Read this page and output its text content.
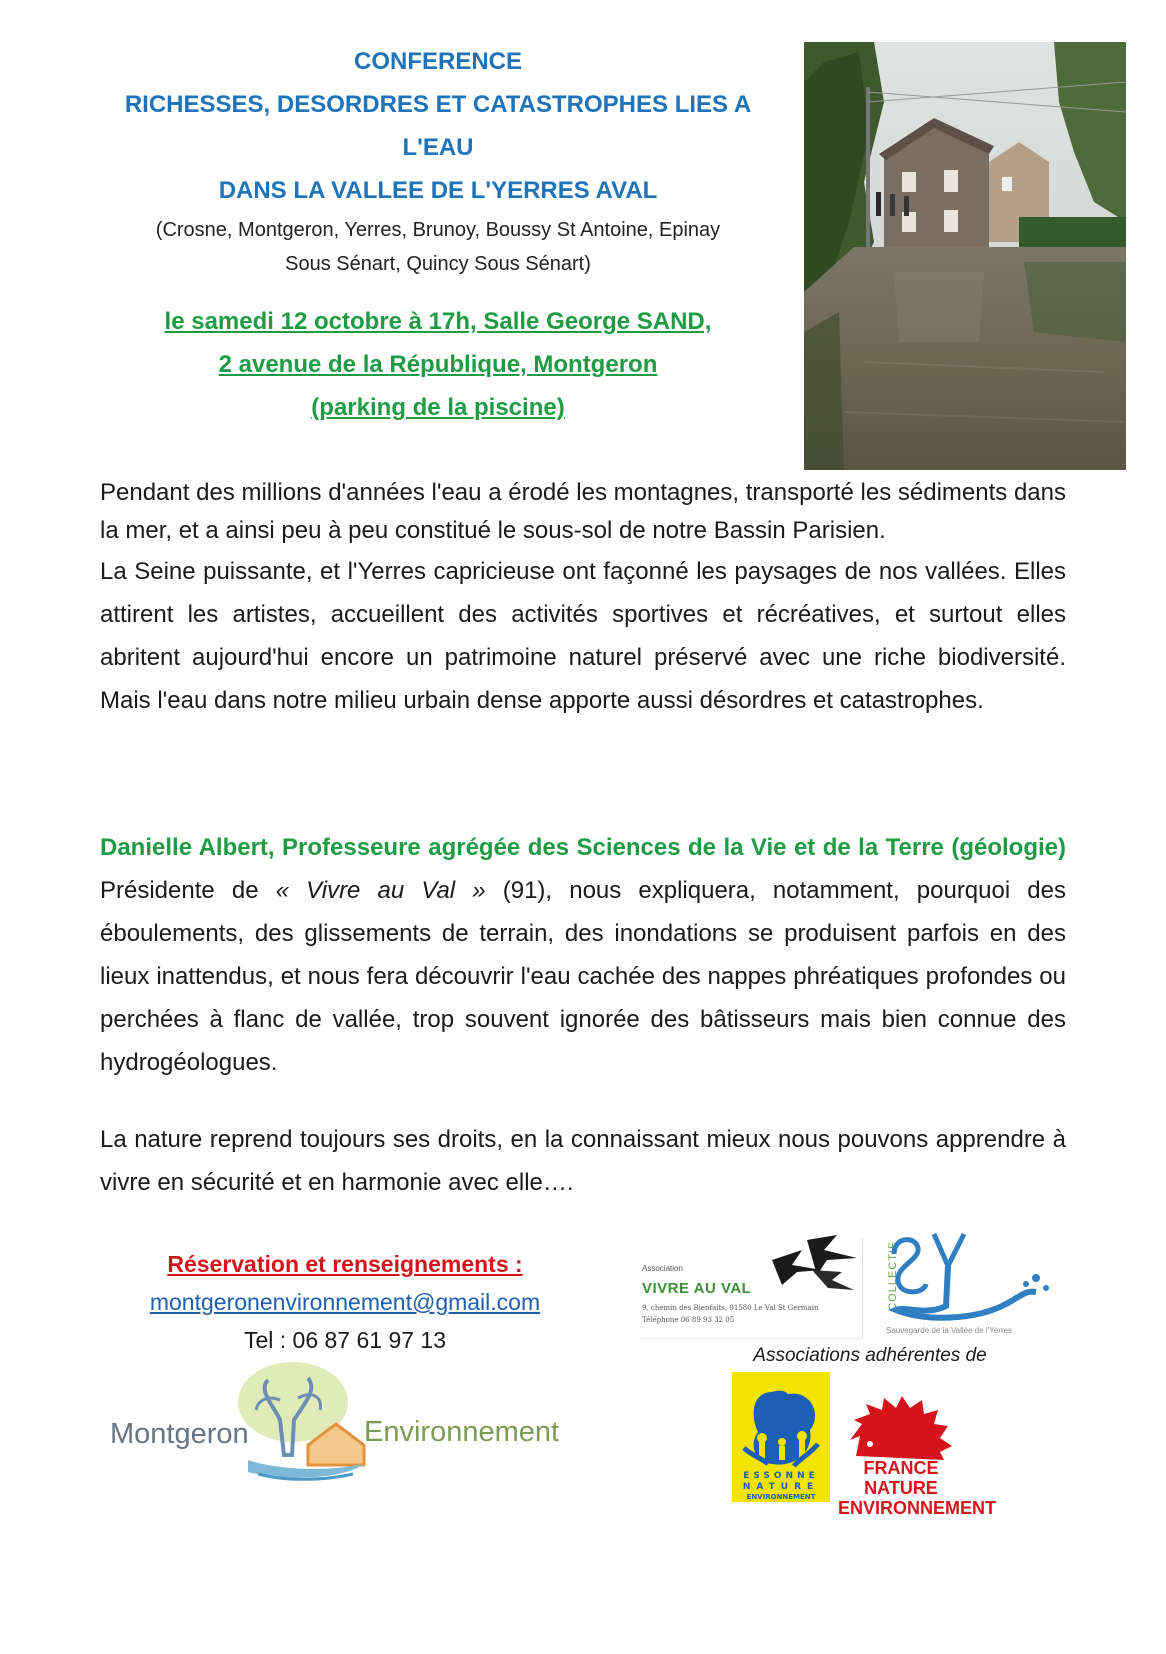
CONFERENCE
RICHESSES, DESORDRES ET CATASTROPHES LIES A
L'EAU
DANS LA VALLEE DE L'YERRES AVAL
(Crosne, Montgeron, Yerres, Brunoy, Boussy St Antoine, Epinay
Sous Sénart, Quincy Sous Sénart)
le samedi 12 octobre à 17h, Salle George SAND,
2 avenue de la République, Montgeron
(parking de la piscine)

Pendant des millions d'années l'eau a érodé les montagnes, transporté les sédiments dans la mer, et a ainsi peu à peu constitué le sous-sol de notre Bassin Parisien.

La Seine puissante, et l'Yerres capricieuse ont façonné les paysages de nos vallées. Elles attirent les artistes, accueillent des activités sportives et récréatives, et surtout elles abritent aujourd'hui encore un patrimoine naturel préservé avec une riche biodiversité. Mais l'eau dans notre milieu urbain dense apporte aussi désordres et catastrophes.

Danielle Albert, Professeure agrégée des Sciences de la Vie et de la Terre (géologie) Présidente de « Vivre au Val » (91), nous expliquera, notamment, pourquoi des éboulements, des glissements de terrain, des inondations se produisent parfois en des lieux inattendus, et nous fera découvrir l'eau cachée des nappes phréatiques profondes ou perchées à flanc de vallée, trop souvent ignorée des bâtisseurs mais bien connue des hydrogéologues.

La nature reprend toujours ses droits, en la connaissant mieux nous pouvons apprendre à vivre en sécurité et en harmonie avec elle….

Réservation et renseignements :
montgeronenvironnement@gmail.com
Tel : 06 87 61 97 13
Montgeron	Environnement
Association
VIVRE AU VAL
9, chemin des Bienfaits, 91580 Le Val St Germain
Téléphone 06 89 93 32 05
COLLECTIF
Sauvegarde de la Vallée de l'Yerres
Associations adhérentes de
ESSONNE
NATURE
ENVIRONNEMENT
FRANCE NATURE
ENVIRONNEMENT
